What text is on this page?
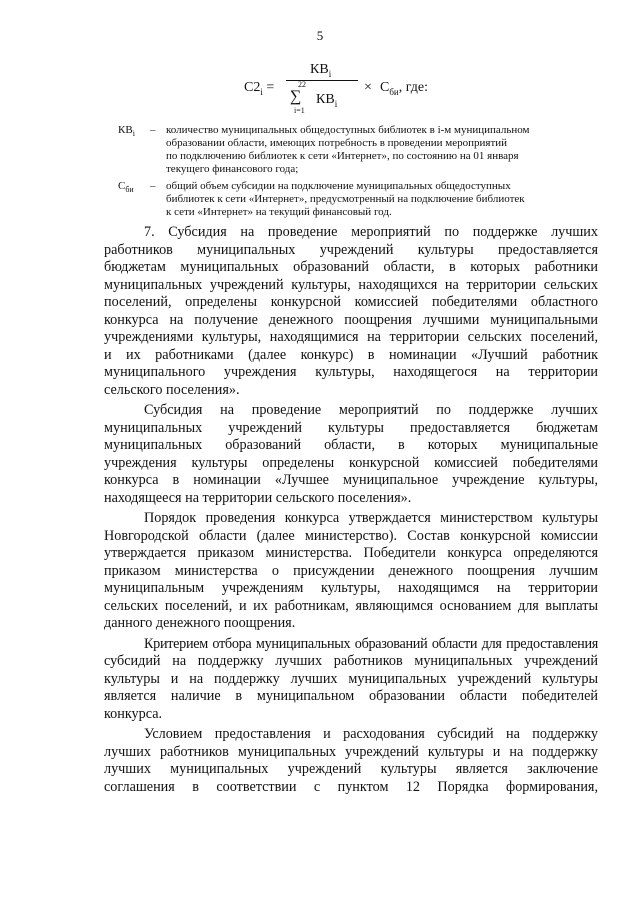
5
$C2_i$ =
$КВ_i$
22
∑
i=1
$КВ_i$
× $С_{би}$, где:
$КВ_i$ – количество муниципальных общедоступных библиотек в i-м муниципальном
образовании области, имеющих потребность в проведении мероприятий
по подключению библиотек к сети «Интернет», по состоянию на 01 января
текущего финансового года;
$С_{би}$ – общий объем субсидии на подключение муниципальных общедоступных
библиотек к сети «Интернет», предусмотренный на подключение библиотек
к сети «Интернет» на текущий финансовый год.
7. Субсидия на проведение мероприятий по поддержке лучших
работников муниципальных учреждений культуры предоставляется
бюджетам муниципальных образований области, в которых работники
муниципальных учреждений культуры, находящихся на территории сельских
поселений, определены конкурсной комиссией победителями областного
конкурса на получение денежного поощрения лучшими муниципальными
учреждениями культуры, находящимися на территории сельских поселений,
и их работниками (далее конкурс) в номинации «Лучший работник
муниципального учреждения культуры, находящегося на территории
сельского поселения».
Субсидия на проведение мероприятий по поддержке лучших
муниципальных учреждений культуры предоставляется бюджетам
муниципальных образований области, в которых муниципальные
учреждения культуры определены конкурсной комиссией победителями
конкурса в номинации «Лучшее муниципальное учреждение культуры,
находящееся на территории сельского поселения».
Порядок проведения конкурса утверждается министерством культуры
Новгородской области (далее министерство). Состав конкурсной комиссии
утверждается приказом министерства. Победители конкурса определяются
приказом министерства о присуждении денежного поощрения лучшим
муниципальным учреждениям культуры, находящимся на территории
сельских поселений, и их работникам, являющимся основанием для выплаты
данного денежного поощрения.
Критерием отбора муниципальных образований области для предоставления
субсидий на поддержку лучших работников муниципальных учреждений
культуры и на поддержку лучших муниципальных учреждений культуры
является наличие в муниципальном образовании области победителей
конкурса.
Условием предоставления и расходования субсидий на поддержку
лучших работников муниципальных учреждений культуры и на поддержку
лучших муниципальных учреждений культуры является заключение
соглашения в соответствии с пунктом 12 Порядка формирования,
